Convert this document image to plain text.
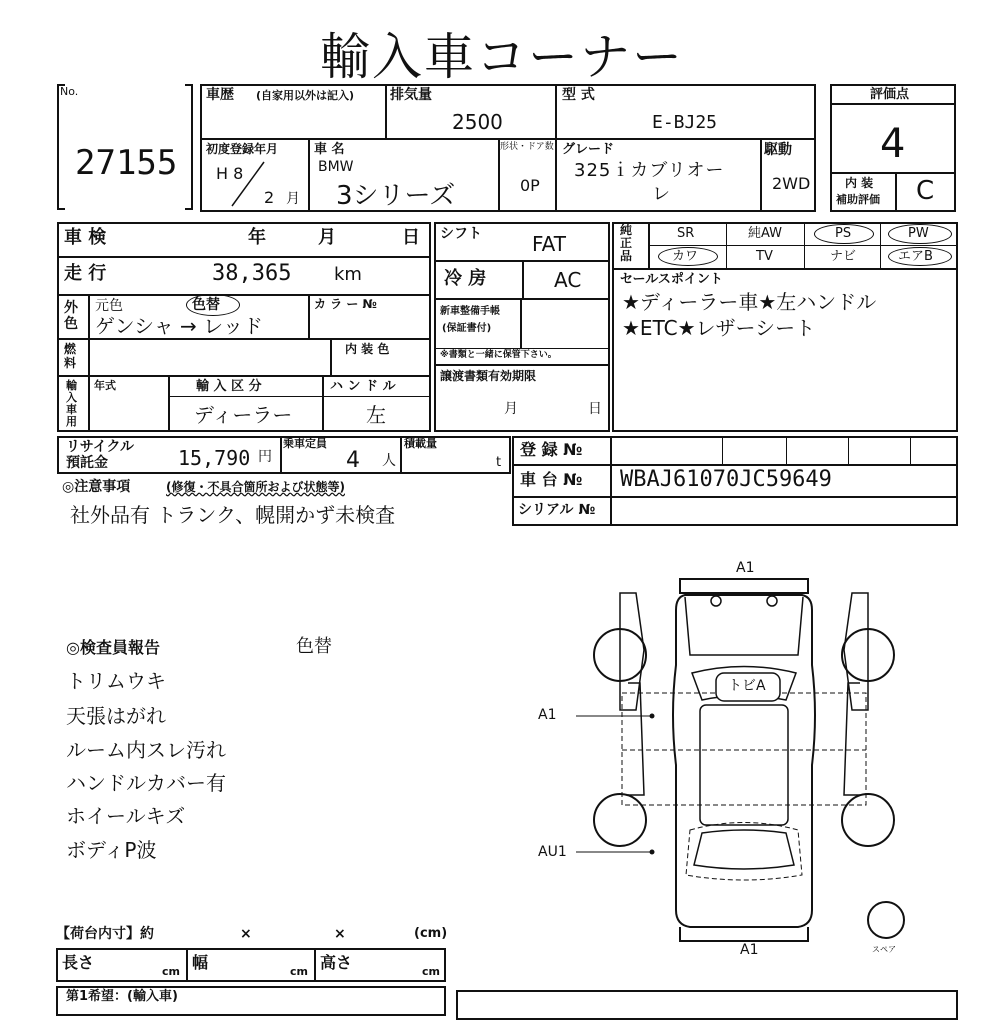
輸入車コーナー
No.
27155
車歴 (自家用以外は記入)	排気量
2500
型 式
E-BJ25
初度登録年月
H 8
2 月
車 名
BMW
3シリーズ
形状・ドア数
0P
グレード
325ｉカブリオー
レ
駆動
2WD
評価点
4
内 装
補助評価 C
車 検	年	月	日
走 行	38,365 km
外色
元色	色替
ゲンシャ → レッド
カ ラ ー №
燃料
内 装 色
輸入車用
年式	輸 入 区 分
ディーラー
ハ ン ド ル
左
シフト	FAT
冷 房	AC
新車整備手帳
(保証書付)
※書類と一緒に保管下さい。
譲渡書類有効期限
月	日
純正品
SR	純AW	PS	PW
カワ	TV	ナビ	エアB
セールスポイント
★ディーラー車★左ハンドル
★ETC★レザーシート
リサイクル
預託金	15,790 円
乗車定員
4 人
積載量
t
登 録 №
車 台 № WBAJ61070JC59649
シリアル №
◎注意事項	(修復・不具合箇所および状態等)
社外品有 トランク、幌開かず未検査
◎検査員報告	色替
トリムウキ
天張はがれ
ルーム内スレ汚れ
ハンドルカバー有
ホイールキズ
ボディP波
A1
A1
AU1
A1
トビA
スペア
【荷台内寸】約	×	×	(cm)
長さ	cm 幅	cm 高さ	cm
第1希望：(輸入車)
